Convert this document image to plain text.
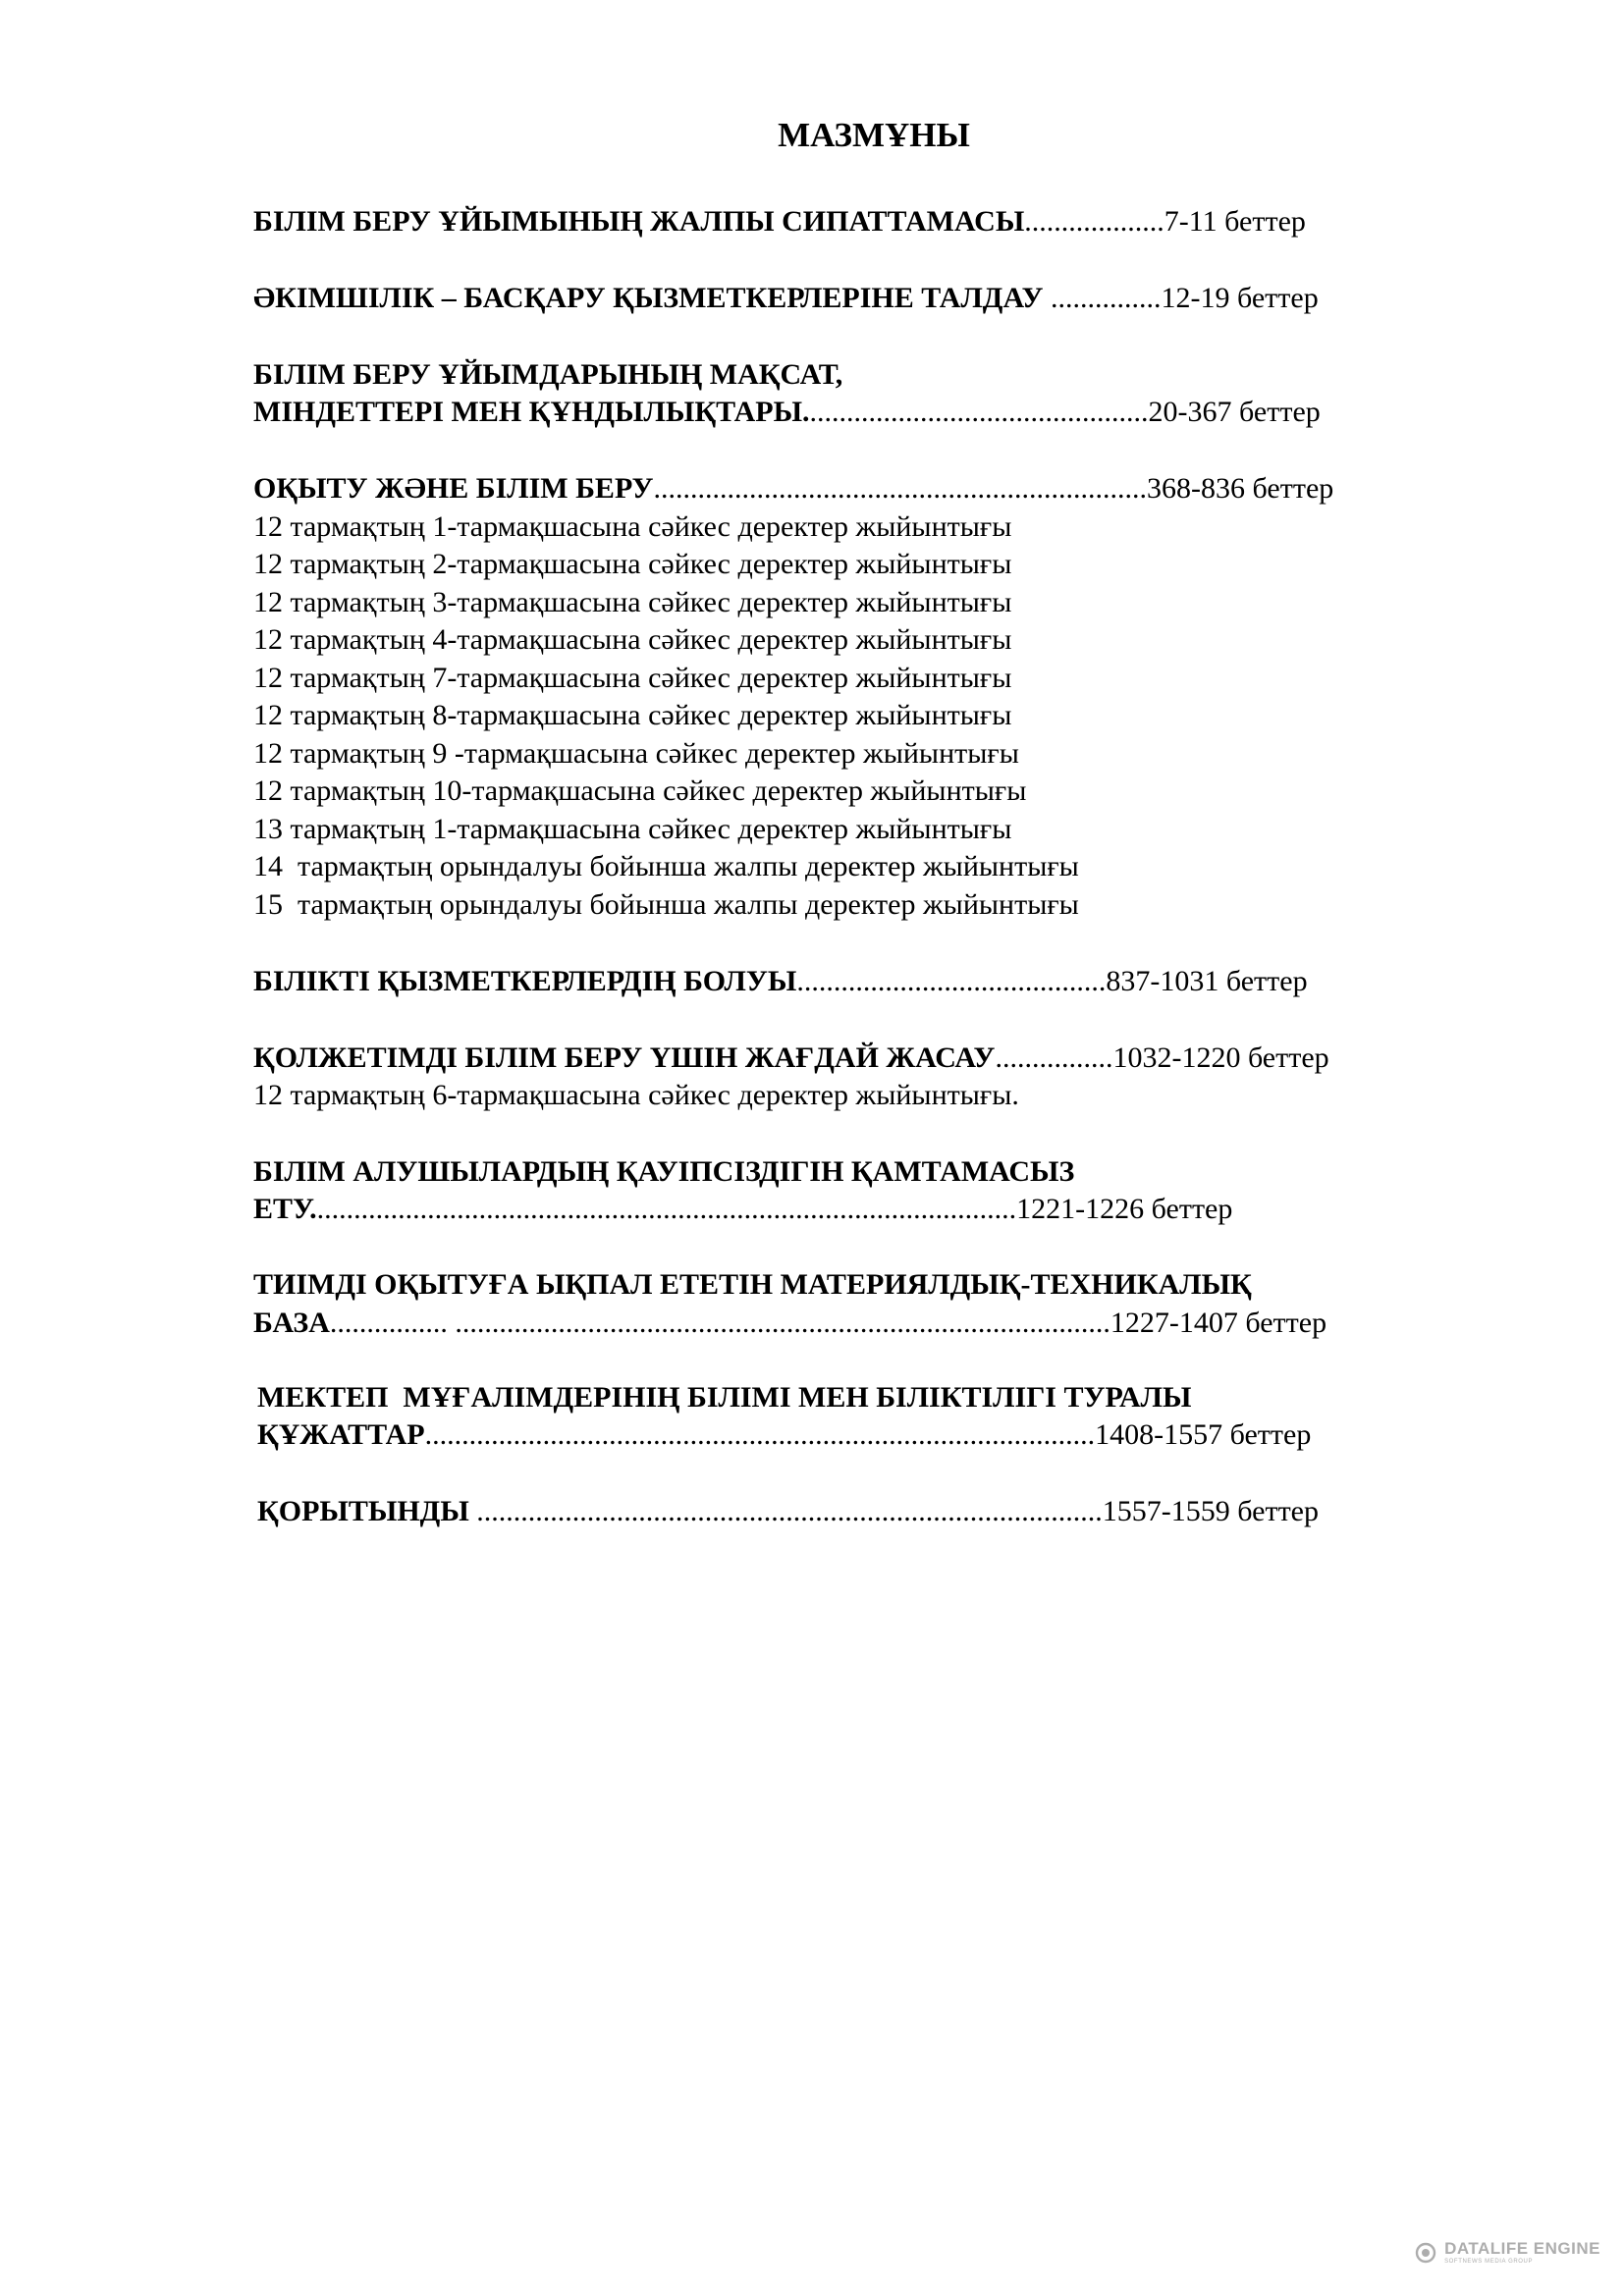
МАЗМҰНЫ
БІЛІМ БЕРУ ҰЙЫМЫНЫҢ ЖАЛПЫ СИПАТТАМАСЫ...................7-11 беттер
ӘКІМШІЛІК – БАСҚАРУ ҚЫЗМЕТКЕРЛЕРІНЕ ТАЛДАУ ...............12-19 беттер
БІЛІМ БЕРУ ҰЙЫМДАРЫНЫҢ МАҚСАТ,
МІНДЕТТЕРІ МЕН ҚҰНДЫЛЫҚТАРЫ...............................................20-367 беттер
ОҚЫТУ ЖӘНЕ БІЛІМ БЕРУ...................................................................368-836 беттер
12 тармақтың 1-тармақшасына сәйкес деректер жыйынтығы
12 тармақтың 2-тармақшасына сәйкес деректер жыйынтығы
12 тармақтың 3-тармақшасына сәйкес деректер жыйынтығы
12 тармақтың 4-тармақшасына сәйкес деректер жыйынтығы
12 тармақтың 7-тармақшасына сәйкес деректер жыйынтығы
12 тармақтың 8-тармақшасына сәйкес деректер жыйынтығы
12 тармақтың 9 -тармақшасына сәйкес деректер жыйынтығы
12 тармақтың 10-тармақшасына сәйкес деректер жыйынтығы
13 тармақтың 1-тармақшасына сәйкес деректер жыйынтығы
14  тармақтың орындалуы бойынша жалпы деректер жыйынтығы
15  тармақтың орындалуы бойынша жалпы деректер жыйынтығы
БІЛІКТІ ҚЫЗМЕТКЕРЛЕРДІҢ БОЛУЫ..........................................837-1031 беттер
ҚОЛЖЕТІМДІ БІЛІМ БЕРУ ҮШІН ЖАҒДАЙ ЖАСАУ................1032-1220 беттер
12 тармақтың 6-тармақшасына сәйкес деректер жыйынтығы.
БІЛІМ АЛУШЫЛАРДЫҢ ҚАУІПСІЗДІГІН ҚАМТАМАСЫЗ
ЕТУ................................................................................................1221-1226 беттер
ТИІМДІ ОҚЫТУҒА ЫҚПАЛ ЕТЕТІН МАТЕРИЯЛДЫҚ-ТЕХНИКАЛЫҚ
БАЗА................ .........................................................................................1227-1407 беттер
МЕКТЕП  МҰҒАЛІМДЕРІНІҢ БІЛІМІ МЕН БІЛІКТІЛІГІ ТУРАЛЫ
ҚҰЖАТТАР...........................................................................................1408-1557 беттер
ҚОРЫТЫНДЫ .....................................................................................1557-1559 беттер
DATALIFE ENGINE
SOFTNEWS MEDIA GROUP
